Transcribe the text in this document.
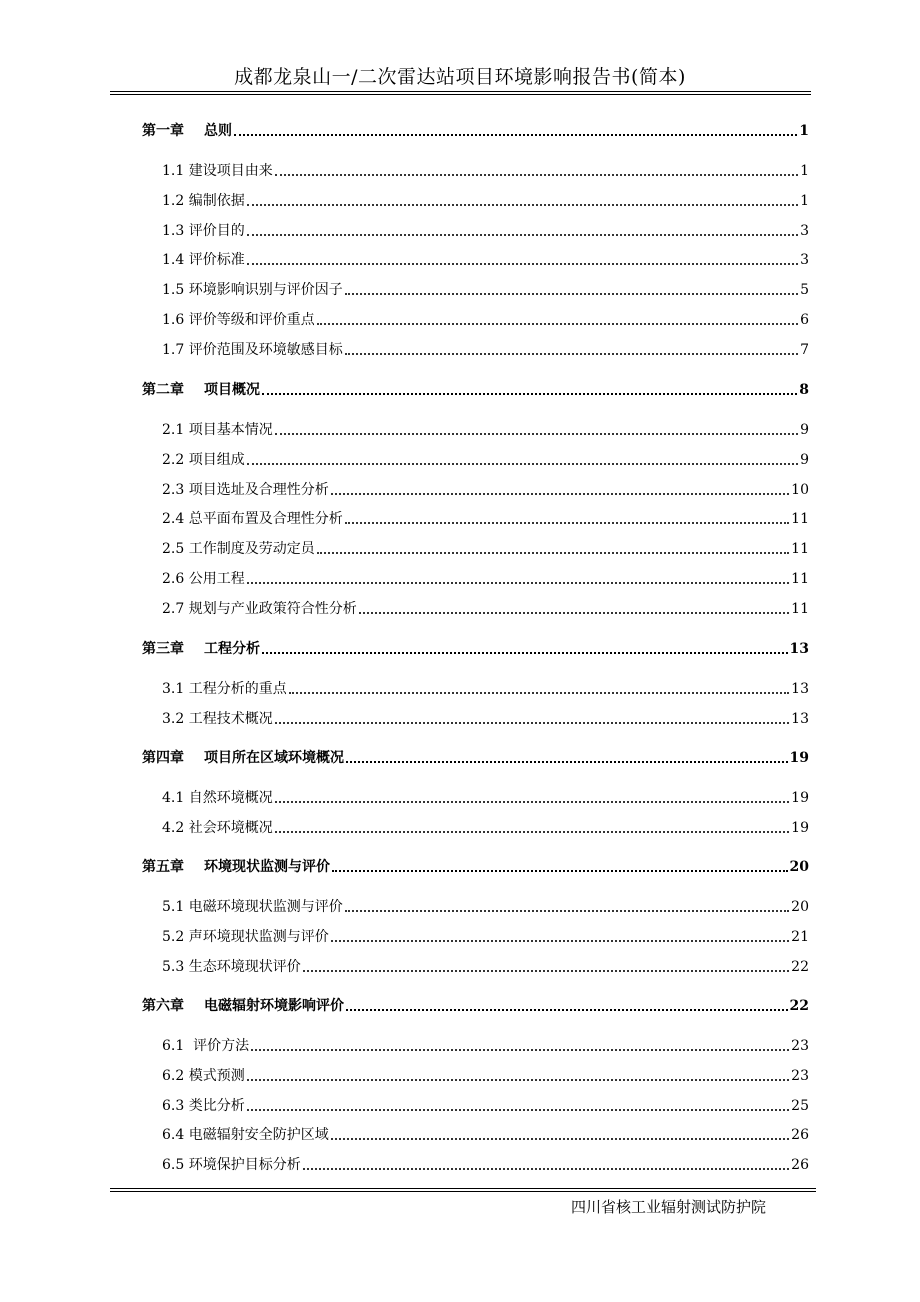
成都龙泉山一/二次雷达站项目环境影响报告书(简本)
第一章 总则	1
1.1 建设项目由来	1
1.2 编制依据	1
1.3 评价目的	3
1.4 评价标准	3
1.5 环境影响识别与评价因子	5
1.6 评价等级和评价重点	6
1.7 评价范围及环境敏感目标	7
第二章 项目概况	8
2.1 项目基本情况	9
2.2 项目组成	9
2.3 项目选址及合理性分析	10
2.4 总平面布置及合理性分析	11
2.5 工作制度及劳动定员	11
2.6 公用工程	11
2.7 规划与产业政策符合性分析	11
第三章 工程分析	13
3.1 工程分析的重点	13
3.2 工程技术概况	13
第四章 项目所在区域环境概况	19
4.1 自然环境概况	19
4.2 社会环境概况	19
第五章 环境现状监测与评价	20
5.1 电磁环境现状监测与评价	20
5.2 声环境现状监测与评价	21
5.3 生态环境现状评价	22
第六章 电磁辐射环境影响评价	22
6.1  评价方法	23
6.2 模式预测	23
6.3 类比分析	25
6.4 电磁辐射安全防护区域	26
6.5 环境保护目标分析	26
四川省核工业辐射测试防护院
